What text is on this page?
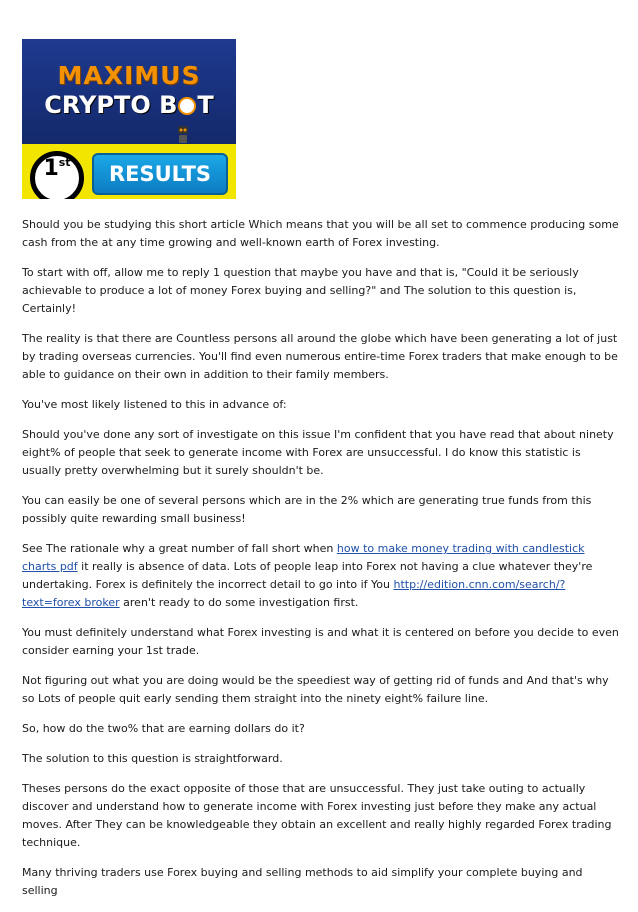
MAXIMUS
CRYPTO B T
1st	RESULTS

Should you be studying this short article Which means that you will be all set to commence producing some cash from the at any time growing and well-known earth of Forex investing.

To start with off, allow me to reply 1 question that maybe you have and that is, "Could it be seriously achievable to produce a lot of money Forex buying and selling?" and The solution to this question is, Certainly!

The reality is that there are Countless persons all around the globe which have been generating a lot of just by trading overseas currencies. You'll find even numerous entire-time Forex traders that make enough to be able to guidance on their own in addition to their family members.

You've most likely listened to this in advance of:

Should you've done any sort of investigate on this issue I'm confident that you have read that about ninety eight% of people that seek to generate income with Forex are unsuccessful. I do know this statistic is usually pretty overwhelming but it surely shouldn't be.

You can easily be one of several persons which are in the 2% which are generating true funds from this possibly quite rewarding small business!

See The rationale why a great number of fall short when how to make money trading with candlestick charts pdf it really is absence of data. Lots of people leap into Forex not having a clue whatever they're undertaking. Forex is definitely the incorrect detail to go into if You http://edition.cnn.com/search/?text=forex broker aren't ready to do some investigation first.

You must definitely understand what Forex investing is and what it is centered on before you decide to even consider earning your 1st trade.

Not figuring out what you are doing would be the speediest way of getting rid of funds and And that's why so Lots of people quit early sending them straight into the ninety eight% failure line.

So, how do the two% that are earning dollars do it?

The solution to this question is straightforward.

Theses persons do the exact opposite of those that are unsuccessful. They just take outing to actually discover and understand how to generate income with Forex investing just before they make any actual moves. After They can be knowledgeable they obtain an excellent and really highly regarded Forex trading technique.

Many thriving traders use Forex buying and selling methods to aid simplify your complete buying and selling
